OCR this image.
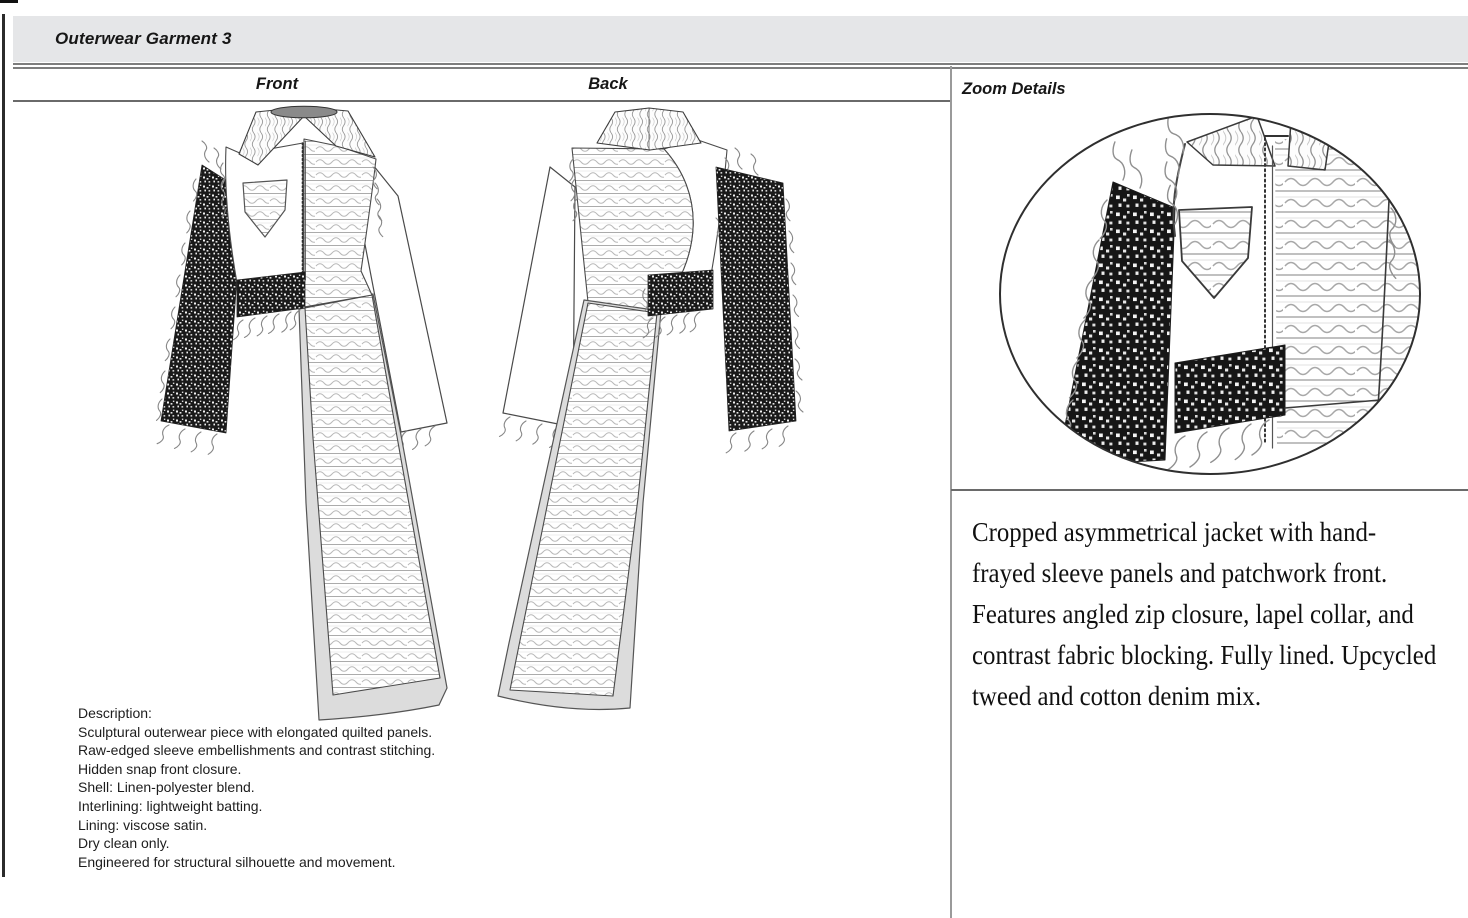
Outerwear Garment 3
Front	Back
Description:
Sculptural outerwear piece with elongated quilted panels.
Raw-edged sleeve embellishments and contrast stitching.
Hidden snap front closure.
Shell: Linen-polyester blend.
Interlining: lightweight batting.
Lining: viscose satin.
Dry clean only.
Engineered for structural silhouette and movement.
Zoom Details
Cropped asymmetrical jacket with hand-frayed sleeve panels and patchwork front. Features angled zip closure, lapel collar, and contrast fabric blocking. Fully lined. Upcycled tweed and cotton denim mix.
